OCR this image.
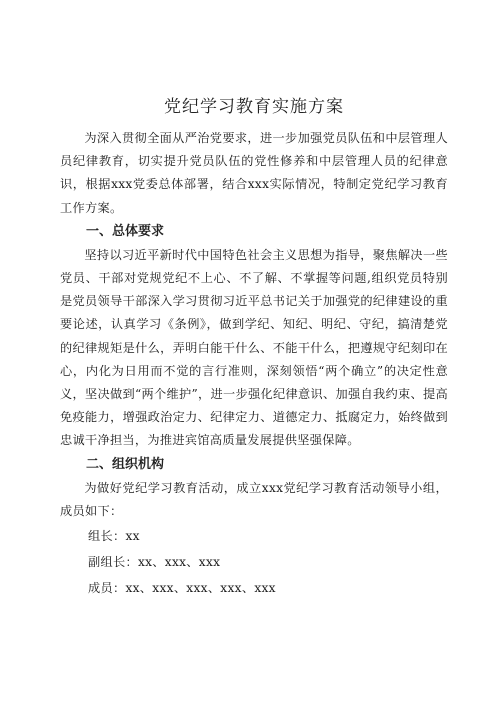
党纪学习教育实施方案

为深入贯彻全面从严治党要求，进一步加强党员队伍和中层管理人员纪律教育，切实提升党员队伍的党性修养和中层管理人员的纪律意识，根据xxx党委总体部署，结合xxx实际情况，特制定党纪学习教育工作方案。

一、总体要求

坚持以习近平新时代中国特色社会主义思想为指导，聚焦解决一些党员、干部对党规党纪不上心、不了解、不掌握等问题,组织党员特别是党员领导干部深入学习贯彻习近平总书记关于加强党的纪律建设的重要论述，认真学习《条例》，做到学纪、知纪、明纪、守纪，搞清楚党的纪律规矩是什么，弄明白能干什么、不能干什么，把遵规守纪刻印在心，内化为日用而不觉的言行准则，深刻领悟“两个确立”的决定性意义，坚决做到“两个维护”，进一步强化纪律意识、加强自我约束、提高免疫能力，增强政治定力、纪律定力、道德定力、抵腐定力，始终做到忠诚干净担当，为推进宾馆高质量发展提供坚强保障。

二、组织机构

为做好党纪学习教育活动，成立xxx党纪学习教育活动领导小组，成员如下：

组长：xx

副组长：xx、xxx、xxx

成员：xx、xxx、xxx、xxx、xxx
